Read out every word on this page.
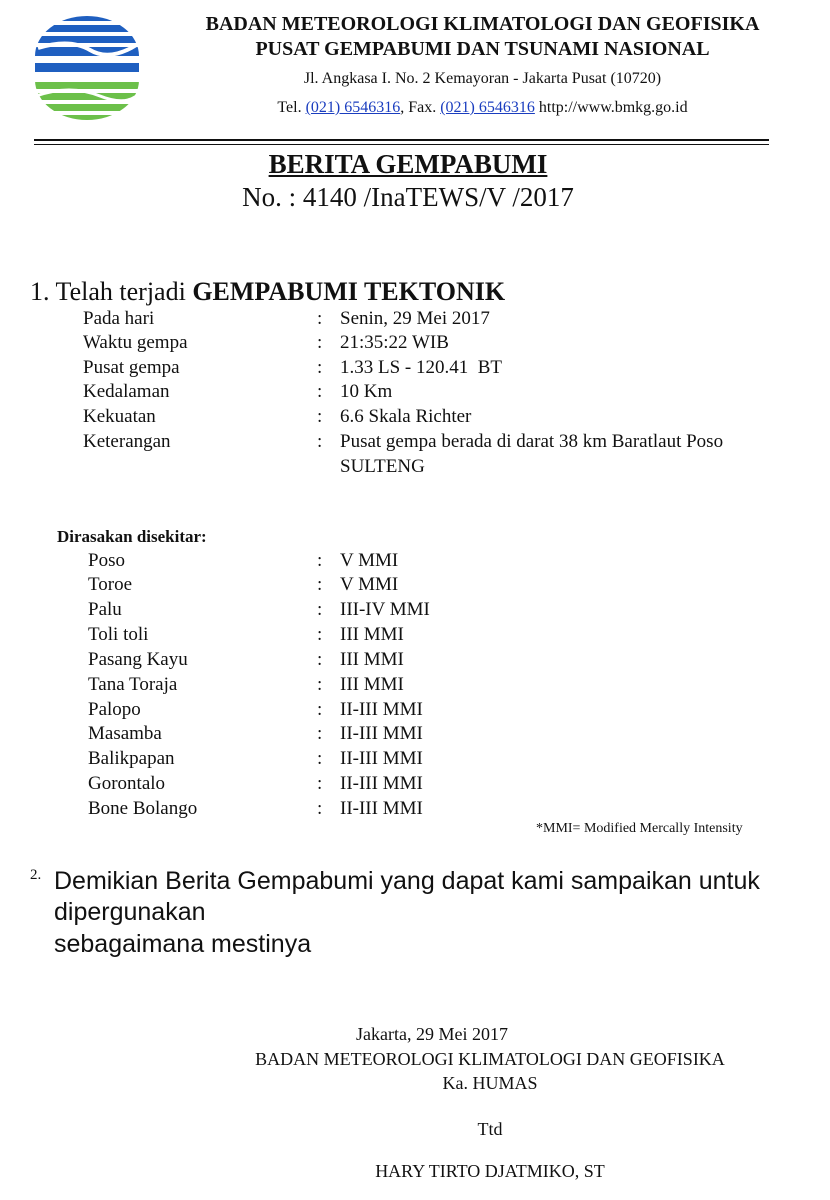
BADAN METEOROLOGI KLIMATOLOGI DAN GEOFISIKA
PUSAT GEMPABUMI DAN TSUNAMI NASIONAL
Jl. Angkasa I. No. 2 Kemayoran - Jakarta Pusat (10720)
Tel. (021) 6546316, Fax. (021) 6546316 http://www.bmkg.go.id
BERITA GEMPABUMI
No. : 4140 /InaTEWS/V /2017
1. Telah terjadi GEMPABUMI TEKTONIK
Pada hari	: Senin, 29 Mei 2017
Waktu gempa	: 21:35:22 WIB
Pusat gempa	: 1.33 LS - 120.41  BT
Kedalaman	: 10 Km
Kekuatan	: 6.6 Skala Richter
Keterangan	: Pusat gempa berada di darat 38 km Baratlaut Poso
SULTENG
Dirasakan disekitar:
Poso	: V MMI
Toroe	: V MMI
Palu	: III-IV MMI
Toli toli	: III MMI
Pasang Kayu	: III MMI
Tana Toraja	: III MMI
Palopo	: II-III MMI
Masamba	: II-III MMI
Balikpapan	: II-III MMI
Gorontalo	: II-III MMI
Bone Bolango	: II-III MMI
*MMI= Modified Mercally Intensity
2. Demikian Berita Gempabumi yang dapat kami sampaikan untuk
dipergunakan
sebagaimana mestinya
Jakarta, 29 Mei 2017
BADAN METEOROLOGI KLIMATOLOGI DAN GEOFISIKA
Ka. HUMAS
Ttd
HARY TIRTO DJATMIKO, ST
